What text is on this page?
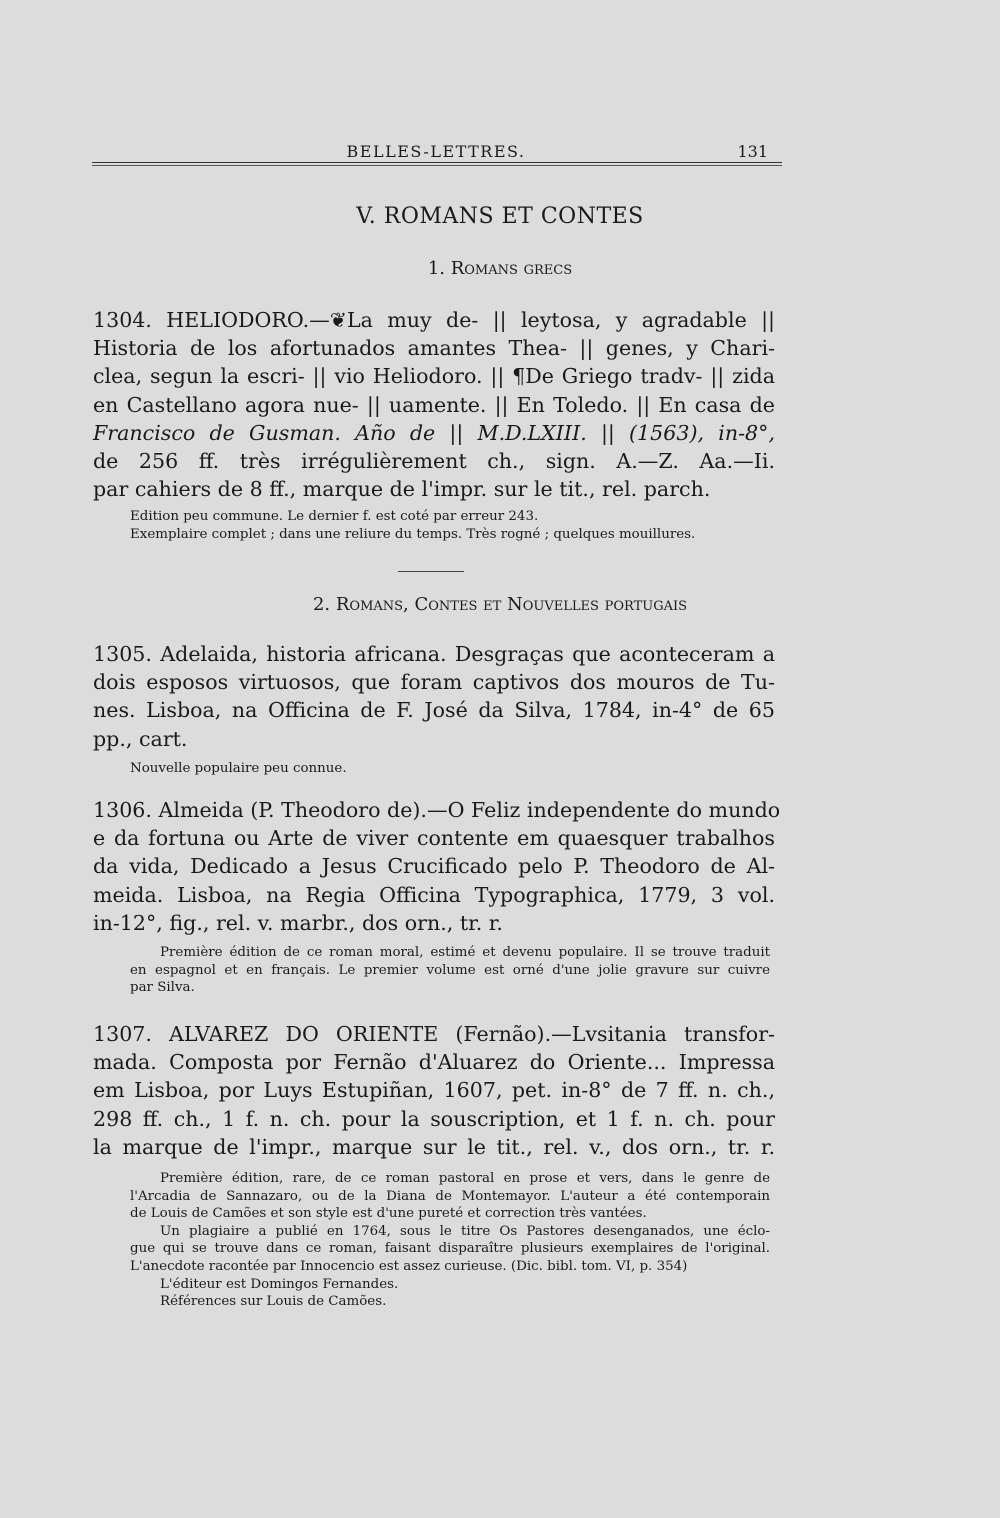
BELLES-LETTRES.	131
V. ROMANS ET CONTES
1. Romans grecs
1304. HELIODORO.—❦La muy de- || leytosa, y agradable ||
Historia de los afortunados amantes Thea- || genes, y Chari-
clea, segun la escri- || vio Heliodoro. || ¶De Griego tradv- || zida
en Castellano agora nue- || uamente. || En Toledo. || En casa de
Francisco de Gusman. Año de || M.D.LXIII. || (1563), in-8°,
de 256 ff. très irrégulièrement ch., sign. A.—Z. Aa.—Ii.
par cahiers de 8 ff., marque de l'impr. sur le tit., rel. parch.
Edition peu commune. Le dernier f. est coté par erreur 243.
Exemplaire complet ; dans une reliure du temps. Très rogné ; quelques mouillures.
2. Romans, Contes et Nouvelles portugais
1305. Adelaida, historia africana. Desgraças que aconteceram a
dois esposos virtuosos, que foram captivos dos mouros de Tu-
nes. Lisboa, na Officina de F. José da Silva, 1784, in-4° de 65
pp., cart.
Nouvelle populaire peu connue.
1306. Almeida (P. Theodoro de).—O Feliz independente do mundo
e da fortuna ou Arte de viver contente em quaesquer trabalhos
da vida, Dedicado a Jesus Crucificado pelo P. Theodoro de Al-
meida. Lisboa, na Regia Officina Typographica, 1779, 3 vol.
in-12°, fig., rel. v. marbr., dos orn., tr. r.
Première édition de ce roman moral, estimé et devenu populaire. Il se trouve traduit
en espagnol et en français. Le premier volume est orné d'une jolie gravure sur cuivre
par Silva.
1307. ALVAREZ DO ORIENTE (Fernão).—Lvsitania transfor-
mada. Composta por Fernão d'Aluarez do Oriente... Impressa
em Lisboa, por Luys Estupiñan, 1607, pet. in-8° de 7 ff. n. ch.,
298 ff. ch., 1 f. n. ch. pour la souscription, et 1 f. n. ch. pour
la marque de l'impr., marque sur le tit., rel. v., dos orn., tr. r.
Première édition, rare, de ce roman pastoral en prose et vers, dans le genre de
l'Arcadia de Sannazaro, ou de la Diana de Montemayor. L'auteur a été contemporain
de Louis de Camões et son style est d'une pureté et correction très vantées.
Un plagiaire a publié en 1764, sous le titre Os Pastores desenganados, une éclo-
gue qui se trouve dans ce roman, faisant disparaître plusieurs exemplaires de l'original.
L'anecdote racontée par Innocencio est assez curieuse. (Dic. bibl. tom. VI, p. 354)
L'éditeur est Domingos Fernandes.
Références sur Louis de Camões.
